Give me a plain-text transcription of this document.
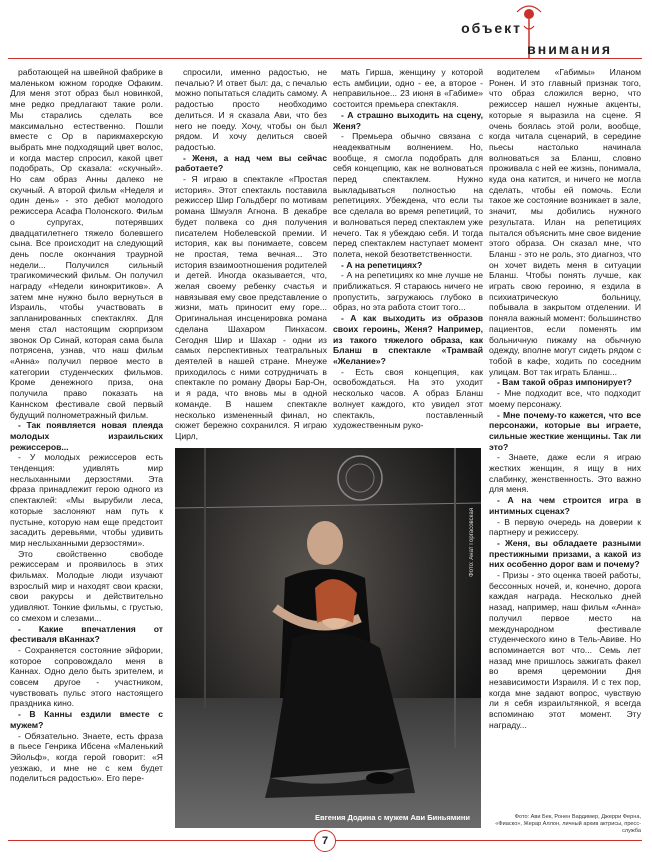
объект
внимания

работающей на швейной фабрике в маленьком южном городке Офаким. Для меня этот образ был новинкой, мне редко предлагают такие роли. Мы старались сделать все максимально естественно. Пошли вместе с Ор в парикмахерскую выбрать мне подходящий цвет волос, и когда мастер спросил, какой цвет подобрать, Ор сказала: «скучный». Но сам образ Анны далеко не скучный. А второй фильм «Неделя и один день» - это дебют молодого режиссера Асафа Полонского. Фильм о супругах, потерявших двадцатилетнего тяжело болевшего сына. Все происходит на следующий день после окончания траурной недели... Получился сильный трагикомический фильм. Он получил награду «Недели кинокритиков». А затем мне нужно было вернуться в Израиль, чтобы участвовать в запланированных спектаклях. Для меня стал настоящим сюрпризом звонок Ор Синай, которая сама была потрясена, узнав, что наш фильм «Анна» получил первое место в категории студенческих фильмов. Кроме денежного приза, она получила право показать на Каннском фестивале свой первый будущий полнометражный фильм.

- Так появляется новая плеяда молодых израильских режиссеров...

- У молодых режиссеров есть тенденция: удивлять мир неслыханными дерзостями. Эта фраза принадлежит герою одного из спектаклей: «Мы вырубили леса, которые заслоняют нам путь к пустыне, которую нам еще предстоит засадить деревьями, чтобы удивить мир неслыханными дерзостями».

Это свойственно свободе режиссерам и проявилось в этих фильмах. Молодые люди изучают взрослый мир и находят свои краски, свои ракурсы и действительно удивляют. Тонкие фильмы, с грустью, со смехом и слезами...

- Какие впечатления от фестиваля вКаннах?

- Сохраняется состояние эйфории, которое сопровождало меня в Каннах. Одно дело быть зрителем, и совсем другое - участником, чувствовать пульс этого настоящего праздника кино.

- В Канны ездили вместе с мужем?

- Обязательно. Знаете, есть фраза в пьесе Генрика Ибсена «Маленький Эйольф», когда герой говорит: «Я уезжаю, и мне не с кем будет поделиться радостью». Его пере-

спросили, именно радостью, не печалью? И ответ был: да, с печалью можно попытаться сладить самому. А радостью просто необходимо делиться. И я сказала Ави, что без него не поеду. Хочу, чтобы он был рядом. И хочу делиться своей радостью.

- Женя, а над чем вы сейчас работаете?

- Я играю в спектакле «Простая история». Этот спектакль поставила режиссер Шир Гольдберг по мотивам романа Шмуэля Агнона. В декабре будет полвека со дня получения писателем Нобелевской премии. И история, как вы понимаете, совсем не простая, тема вечная... Это история взаимоотношения родителей и детей. Иногда оказывается, что, желая своему ребенку счастья и навязывая ему свое представление о жизни, мать приносит ему горе... Оригинальная инсценировка романа сделана Шахаром Пинхасом. Сегодня Шир и Шахар - одни из самых перспективных театральных деятелей в нашей стране. Мнеуже приходилось с ними сотрудничать в спектакле по роману Дворы Бар-Он, и я рада, что вновь мы в одной команде. В нашем спектакле несколько измененный финал, но сюжет бережно сохранился. Я играю Цирл,

мать Гирша, женщину у которой есть амбиции, одно - ее, а второе - неправильное... 23 июня в «Габиме» состоится премьера спектакля.

- А страшно выходить на сцену, Женя?

- Премьера обычно связана с неадекватным волнением. Но, вообще, я смогла подобрать для себя концепцию, как не волноваться перед спектаклем. Нужно выкладываться полностью на репетициях. Убеждена, что если ты все сделала во время репетиций, то и волноваться перед спектаклем уже нечего. Так я убеждаю себя. И тогда перед спектаклем наступает момент полета, некой безответственности.

- А на репетициях?

- А на репетициях ко мне лучше не приближаться. Я стараюсь ничего не пропустить, загружаюсь глубоко в образ, но эта работа стоит того...

- А как выходить из образов своих героинь, Женя? Например, из такого тяжелого образа, как Бланш в спектакле «Трамвай «Желание»?

- Есть своя концепция, как освобождаться. На это уходит несколько часов. А образ Бланш волнует каждого, кто увидел этот спектакль, поставленный художественным руко-

водителем «Габимы» Иланом Ронен. И это главный признак того, что образ сложился верно, что режиссер нашел нужные акценты, которые я выразила на сцене. Я очень боялась этой роли, вообще, когда читала сценарий, в середине пьесы настолько начинала волноваться за Бланш, словно проживала с ней ее жизнь, понимала, куда она катится, и ничего не могла сделать, чтобы ей помочь. Если такое же состояние возникает в зале, значит, мы добились нужного результата. Илан на репетициях пытался объяснить мне свое видение этого образа. Он сказал мне, что Бланш - это не роль, это диагноз, что он хочет видеть меня в ситуации Бланш. Чтобы понять лучше, как играть свою героиню, я ездила в психиатрическую больницу, побывала в закрытом отделении. И поняла важный момент: большинство пациентов, если поменять им больничную пижаму на обычную одежду, вполне могут сидеть рядом с тобой в кафе, ходить по соседним улицам. Вот так играть Бланш...

- Вам такой образ импонирует?

- Мне подходит все, что подходит моему персонажу.

- Мне почему-то кажется, что все персонажи, которые вы играете, сильные жесткие женщины. Так ли это?

- Знаете, даже если я играю жестких женщин, я ищу в них слабинку, женственность. Это важно для меня.

- А на чем строится игра в интимных сценах?

- В первую очередь на доверии к партнеру и режиссеру.

- Женя, вы обладаете разными престижными призами, а какой из них особенно дорог вам и почему?

- Призы - это оценка твоей работы, бессонных ночей, и, конечно, дорога каждая награда. Несколько дней назад, например, наш фильм «Анна» получил первое место на международном фестивале студенческого кино в Тель-Авиве. Но вспоминается вот что... Семь лет назад мне пришлось зажигать факел во время церемонии Дня независимости Израиля. И с тех пор, когда мне задают вопрос, чувствую ли я себя израильтянкой, я всегда вспоминаю этот момент. Эту награду...

Фото: Анат Горгасовская
Евгения Додина с мужем Ави Биньямини
7
Фото: Ави Бек, Ронен Вардимер, Джерри Ферна, «Фиаско», Жерар Аллон, личный архив актрисы, пресс-служба
